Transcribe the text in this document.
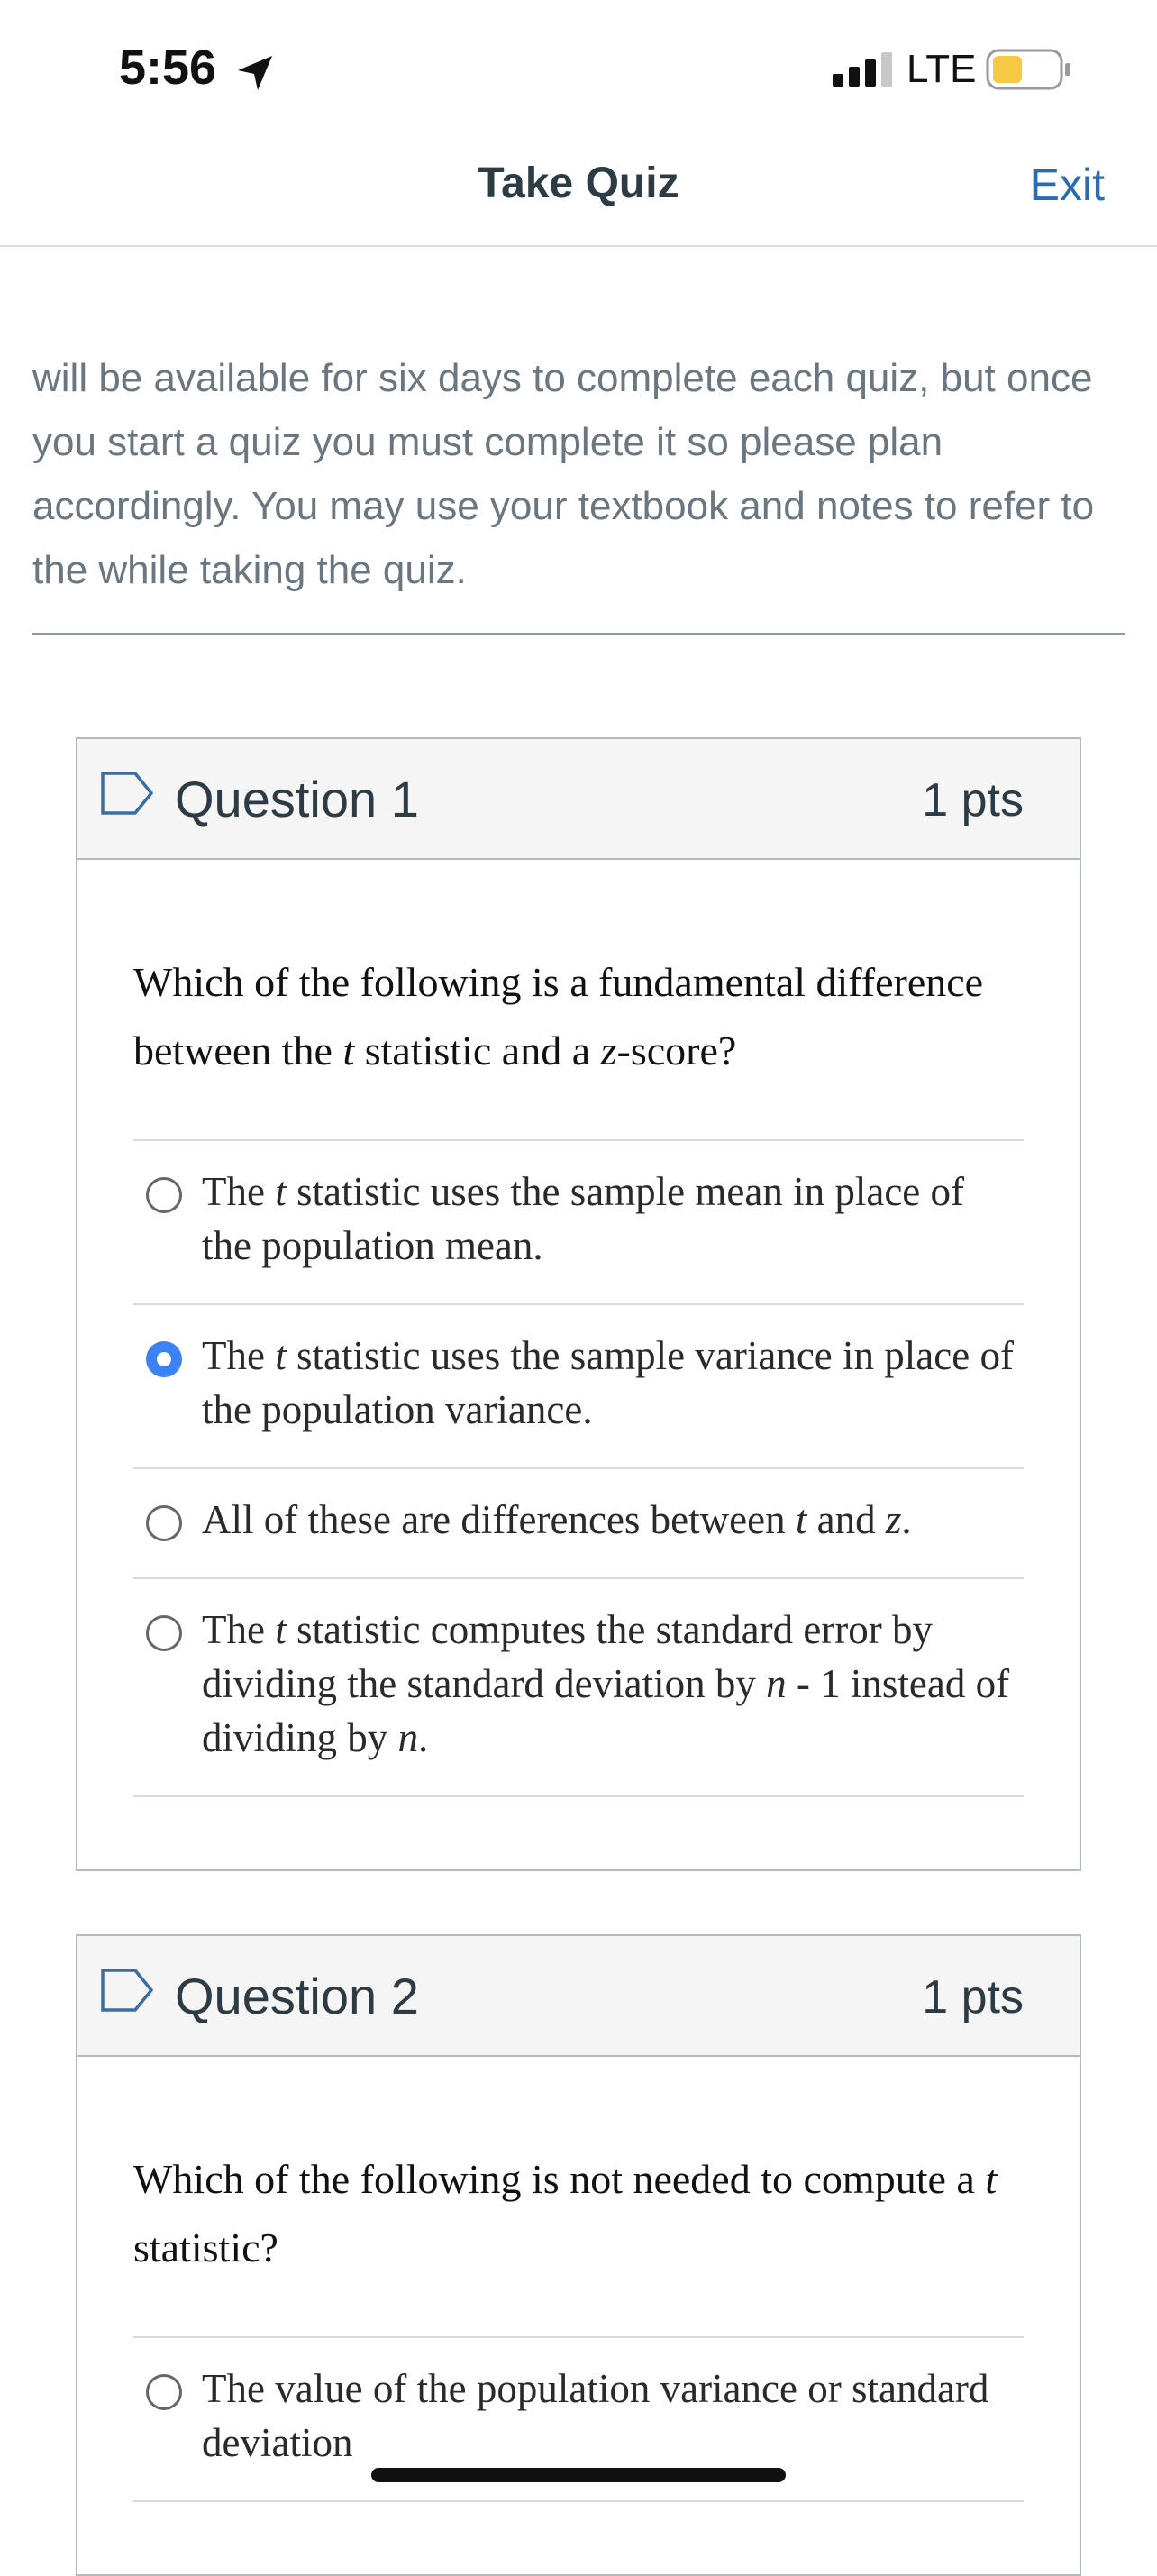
5:56	LTE
Take Quiz	Exit

will be available for six days to complete each quiz, but once you start a quiz you must complete it so please plan accordingly. You may use your textbook and notes to refer to the while taking the quiz.

Question 1	1 pts

Which of the following is a fundamental difference between the t statistic and a z-score?

The t statistic uses the sample mean in place of the population mean.
The t statistic uses the sample variance in place of the population variance.
All of these are differences between t and z.
The t statistic computes the standard error by dividing the standard deviation by n - 1 instead of dividing by n.
Question 2	1 pts

Which of the following is not needed to compute a t statistic?

The value of the population variance or standard deviation
